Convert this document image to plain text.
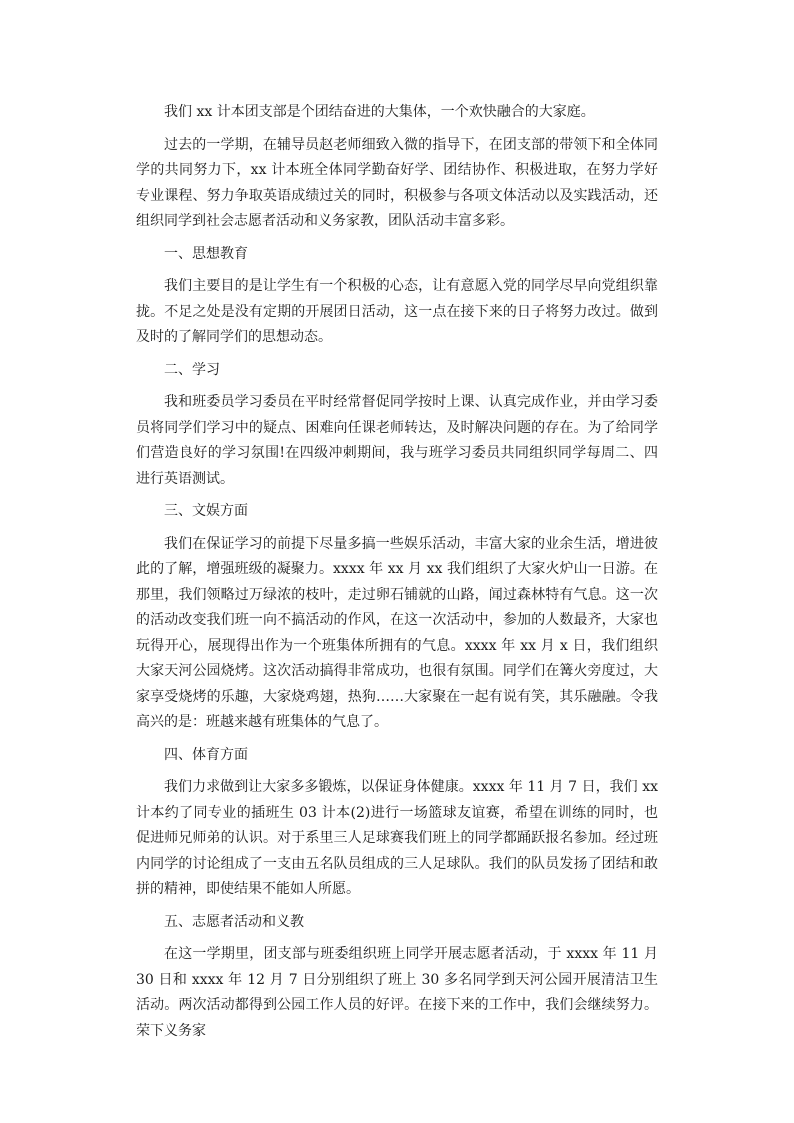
我们 xx 计本团支部是个团结奋进的大集体，一个欢快融合的大家庭。

过去的一学期，在辅导员赵老师细致入微的指导下，在团支部的带领下和全体同学的共同努力下，xx 计本班全体同学勤奋好学、团结协作、积极进取，在努力学好专业课程、努力争取英语成绩过关的同时，积极参与各项文体活动以及实践活动，还组织同学到社会志愿者活动和义务家教，团队活动丰富多彩。

一、思想教育

我们主要目的是让学生有一个积极的心态，让有意愿入党的同学尽早向党组织靠拢。不足之处是没有定期的开展团日活动，这一点在接下来的日子将努力改过。做到及时的了解同学们的思想动态。

二、学习

我和班委员学习委员在平时经常督促同学按时上课、认真完成作业，并由学习委员将同学们学习中的疑点、困难向任课老师转达，及时解决问题的存在。为了给同学们营造良好的学习氛围!在四级冲刺期间，我与班学习委员共同组织同学每周二、四进行英语测试。

三、文娱方面

我们在保证学习的前提下尽量多搞一些娱乐活动，丰富大家的业余生活，增进彼此的了解，增强班级的凝聚力。xxxx 年 xx 月 xx 我们组织了大家火炉山一日游。在那里，我们领略过万绿浓的枝叶，走过卵石铺就的山路，闻过森林特有气息。这一次的活动改变我们班一向不搞活动的作风，在这一次活动中，参加的人数最齐，大家也玩得开心，展现得出作为一个班集体所拥有的气息。xxxx 年 xx 月 x 日，我们组织大家天河公园烧烤。这次活动搞得非常成功，也很有氛围。同学们在篝火旁度过，大家享受烧烤的乐趣，大家烧鸡翅，热狗……大家聚在一起有说有笑，其乐融融。令我高兴的是：班越来越有班集体的气息了。

四、体育方面

我们力求做到让大家多多锻炼，以保证身体健康。xxxx 年 11 月 7 日，我们 xx 计本约了同专业的插班生 03 计本(2)进行一场篮球友谊赛，希望在训练的同时，也促进师兄师弟的认识。对于系里三人足球赛我们班上的同学都踊跃报名参加。经过班内同学的讨论组成了一支由五名队员组成的三人足球队。我们的队员发扬了团结和敢拼的精神，即使结果不能如人所愿。

五、志愿者活动和义教

在这一学期里，团支部与班委组织班上同学开展志愿者活动，于 xxxx 年 11 月 30 日和 xxxx 年 12 月 7 日分别组织了班上 30 多名同学到天河公园开展清洁卫生活动。两次活动都得到公园工作人员的好评。在接下来的工作中，我们会继续努力。荣下义务家
